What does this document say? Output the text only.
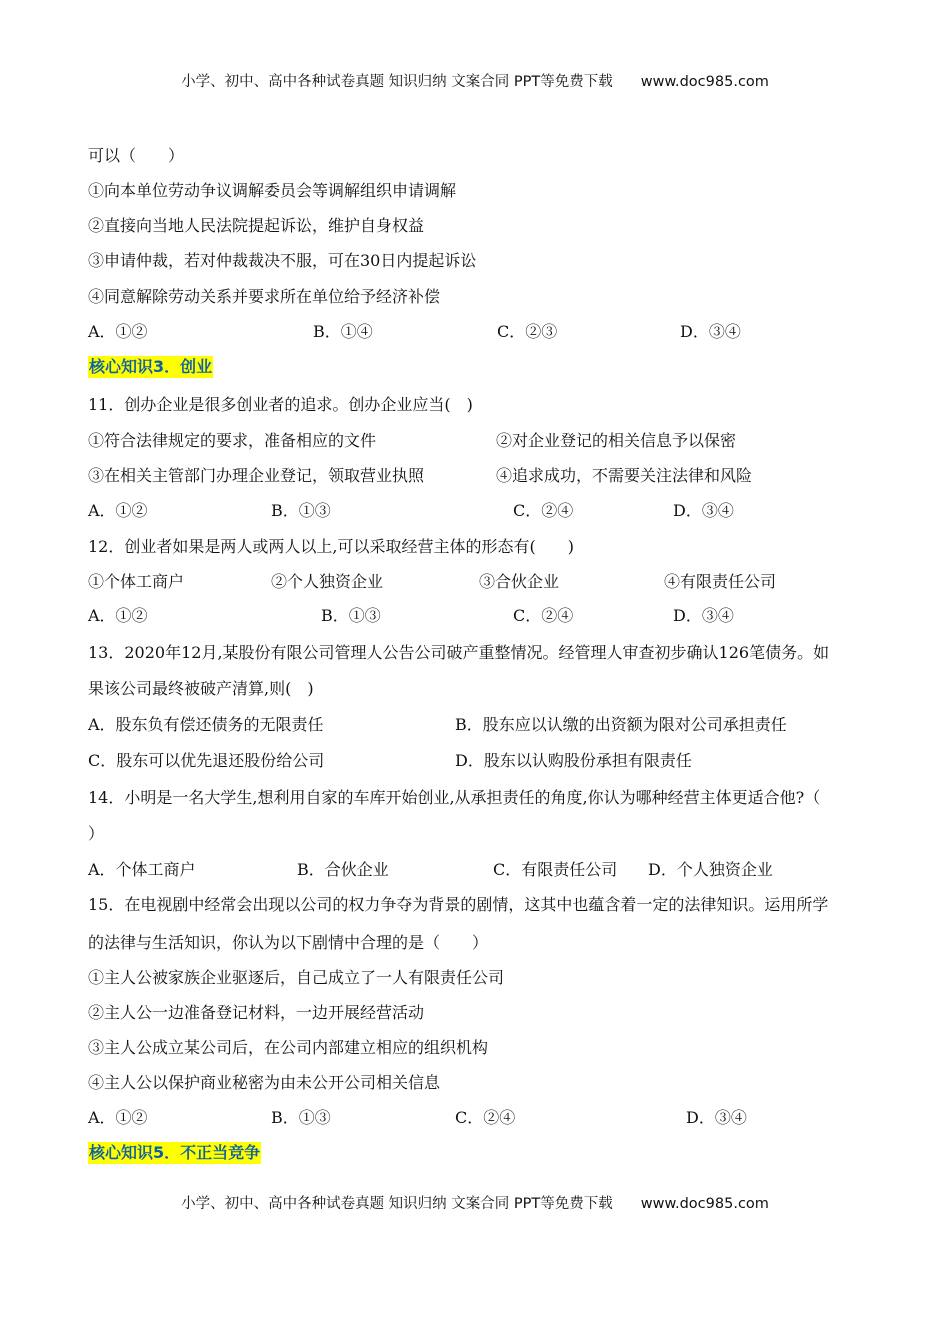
小学、初中、高中各种试卷真题 知识归纳 文案合同 PPT等免费下载 www.doc985.com
可以（　　）
①向本单位劳动争议调解委员会等调解组织申请调解
②直接向当地人民法院提起诉讼，维护自身权益
③申请仲裁，若对仲裁裁决不服，可在30日内提起诉讼
④同意解除劳动关系并要求所在单位给予经济补偿
A．①②	B．①④	C．②③	D．③④
核心知识3．创业
11．创办企业是很多创业者的追求。创办企业应当(　)
①符合法律规定的要求，准备相应的文件	②对企业登记的相关信息予以保密
③在相关主管部门办理企业登记，领取营业执照	④追求成功，不需要关注法律和风险
A．①②	B．①③	C．②④	D．③④
12．创业者如果是两人或两人以上,可以采取经营主体的形态有(　　)
①个体工商户	②个人独资企业	③合伙企业	④有限责任公司
A．①②	B．①③	C．②④	D．③④
13．2020年12月,某股份有限公司管理人公告公司破产重整情况。经管理人审查初步确认126笔债务。如
果该公司最终被破产清算,则(　)
A．股东负有偿还债务的无限责任	B．股东应以认缴的出资额为限对公司承担责任
C．股东可以优先退还股份给公司	D．股东以认购股份承担有限责任
14．小明是一名大学生,想利用自家的车库开始创业,从承担责任的角度,你认为哪种经营主体更适合他?（
）
A．个体工商户	B．合伙企业	C．有限责任公司 D．个人独资企业
15．在电视剧中经常会出现以公司的权力争夺为背景的剧情，这其中也蕴含着一定的法律知识。运用所学
的法律与生活知识，你认为以下剧情中合理的是（　　）
①主人公被家族企业驱逐后，自己成立了一人有限责任公司
②主人公一边准备登记材料，一边开展经营活动
③主人公成立某公司后，在公司内部建立相应的组织机构
④主人公以保护商业秘密为由未公开公司相关信息
A．①②	B．①③	C．②④	D．③④
核心知识5．不正当竞争
小学、初中、高中各种试卷真题 知识归纳 文案合同 PPT等免费下载 www.doc985.com
